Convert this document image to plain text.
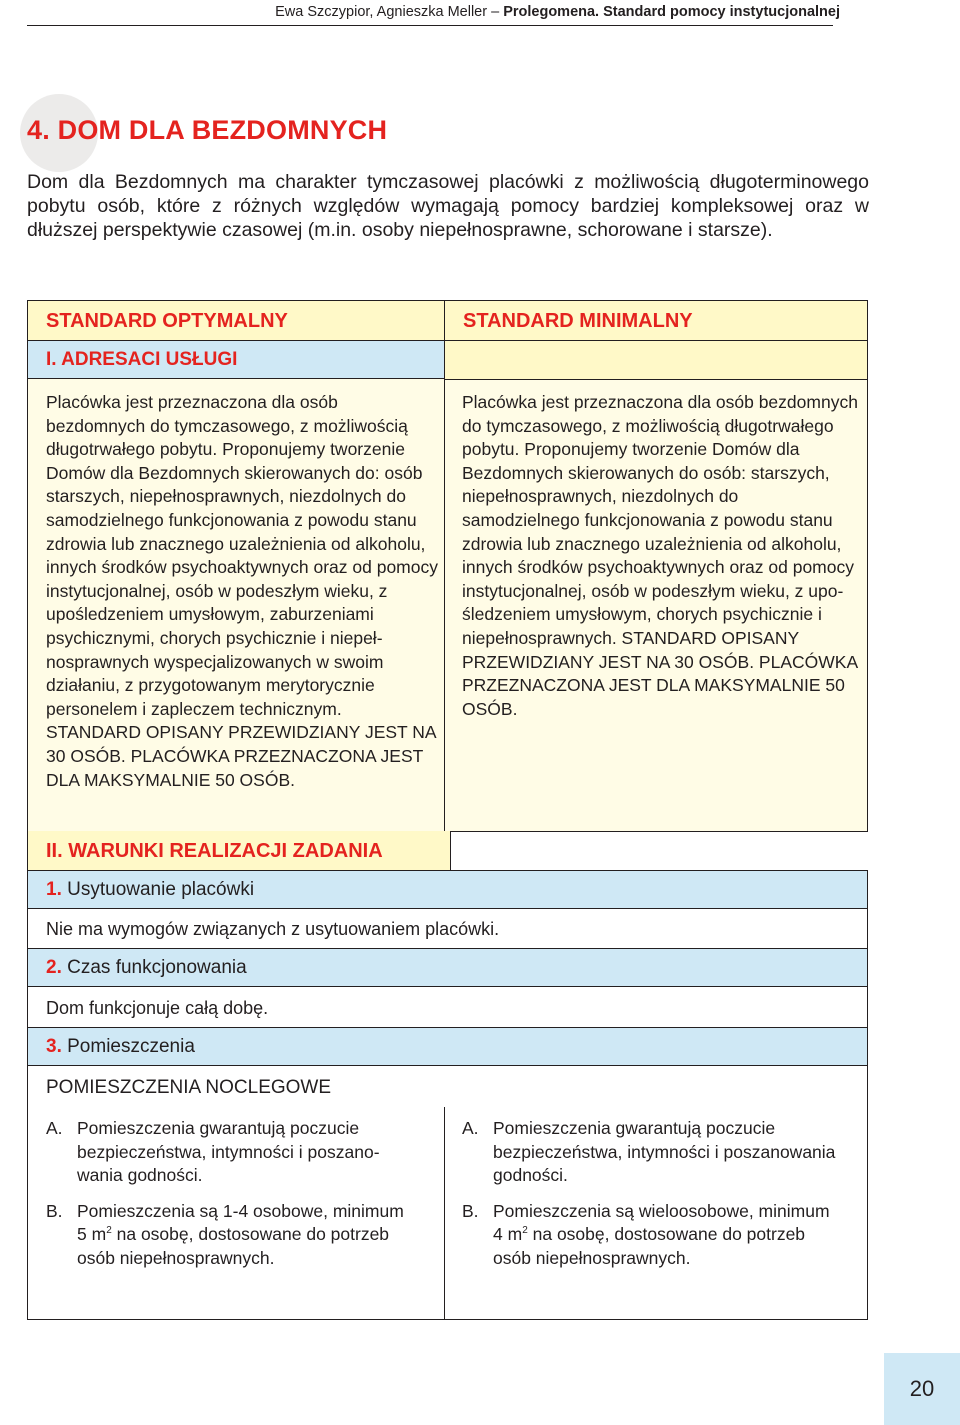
Ewa Szczypior, Agnieszka Meller – Prolegomena. Standard pomocy instytucjonalnej
4. DOM DLA BEZDOMNYCH

Dom dla Bezdomnych ma charakter tymczasowej placówki z możliwością długoterminowego pobytu osób, które z różnych względów wymagają pomocy bardziej kompleksowej oraz w dłuższej perspektywie czasowej (m.in. osoby niepełnosprawne, schorowane i starsze).

STANDARD OPTYMALNY	STANDARD MINIMALNY
I. ADRESACI USŁUGI

Placówka jest przeznaczona dla osób bezdomnych do tymczasowego, z możliwością długotrwałego pobytu. Proponujemy tworzenie Domów dla Bezdomnych skierowanych do: osób starszych, niepełnosprawnych, niezdolnych do samodzielnego funkcjonowania z powodu stanu zdrowia lub znacznego uzależnienia od alkoholu, innych środków psychoaktywnych oraz od pomocy instytucjonalnej, osób w podeszłym wieku, z upośledzeniem umysłowym, zaburzeniami psychicznymi, chorych psychicznie i niepełnosprawnych wyspecjalizowanych w swoim działaniu, z przygotowanym merytorycznie personelem i zapleczem technicznym. STANDARD OPISANY PRZEWIDZIANY JEST NA 30 OSÓB. PLACÓWKA PRZEZNACZONA JEST DLA MAKSYMALNIE 50 OSÓB.

Placówka jest przeznaczona dla osób bezdomnych do tymczasowego, z możliwością długotrwałego pobytu. Proponujemy tworzenie Domów dla Bezdomnych skierowanych do osób: starszych, niepełnosprawnych, niezdolnych do samodzielnego funkcjonowania z powodu stanu zdrowia lub znacznego uzależnienia od alkoholu, innych środków psychoaktywnych oraz od pomocy instytucjonalnej, osób w podeszłym wieku, z upośledzeniem umysłowym, chorych psychicznie i niepełnosprawnych. STANDARD OPISANY PRZEWIDZIANY JEST NA 30 OSÓB. PLACÓWKA PRZEZNACZONA JEST DLA MAKSYMALNIE 50 OSÓB.

II. WARUNKI REALIZACJI ZADANIA
1. Usytuowanie placówki
Nie ma wymogów związanych z usytuowaniem placówki.
2. Czas funkcjonowania
Dom funkcjonuje całą dobę.
3. Pomieszczenia
POMIESZCZENIA NOCLEGOWE
A. Pomieszczenia gwarantują poczucie bezpieczeństwa, intymności i poszanowania godności.
B. Pomieszczenia są 1-4 osobowe, minimum 5 $m^2$ na osobę, dostosowane do potrzeb osób niepełnosprawnych.
A. Pomieszczenia gwarantują poczucie bezpieczeństwa, intymności i poszanowania godności.
B. Pomieszczenia są wieloosobowe, minimum 4 $m^2$ na osobę, dostosowane do potrzeb osób niepełnosprawnych.
20
